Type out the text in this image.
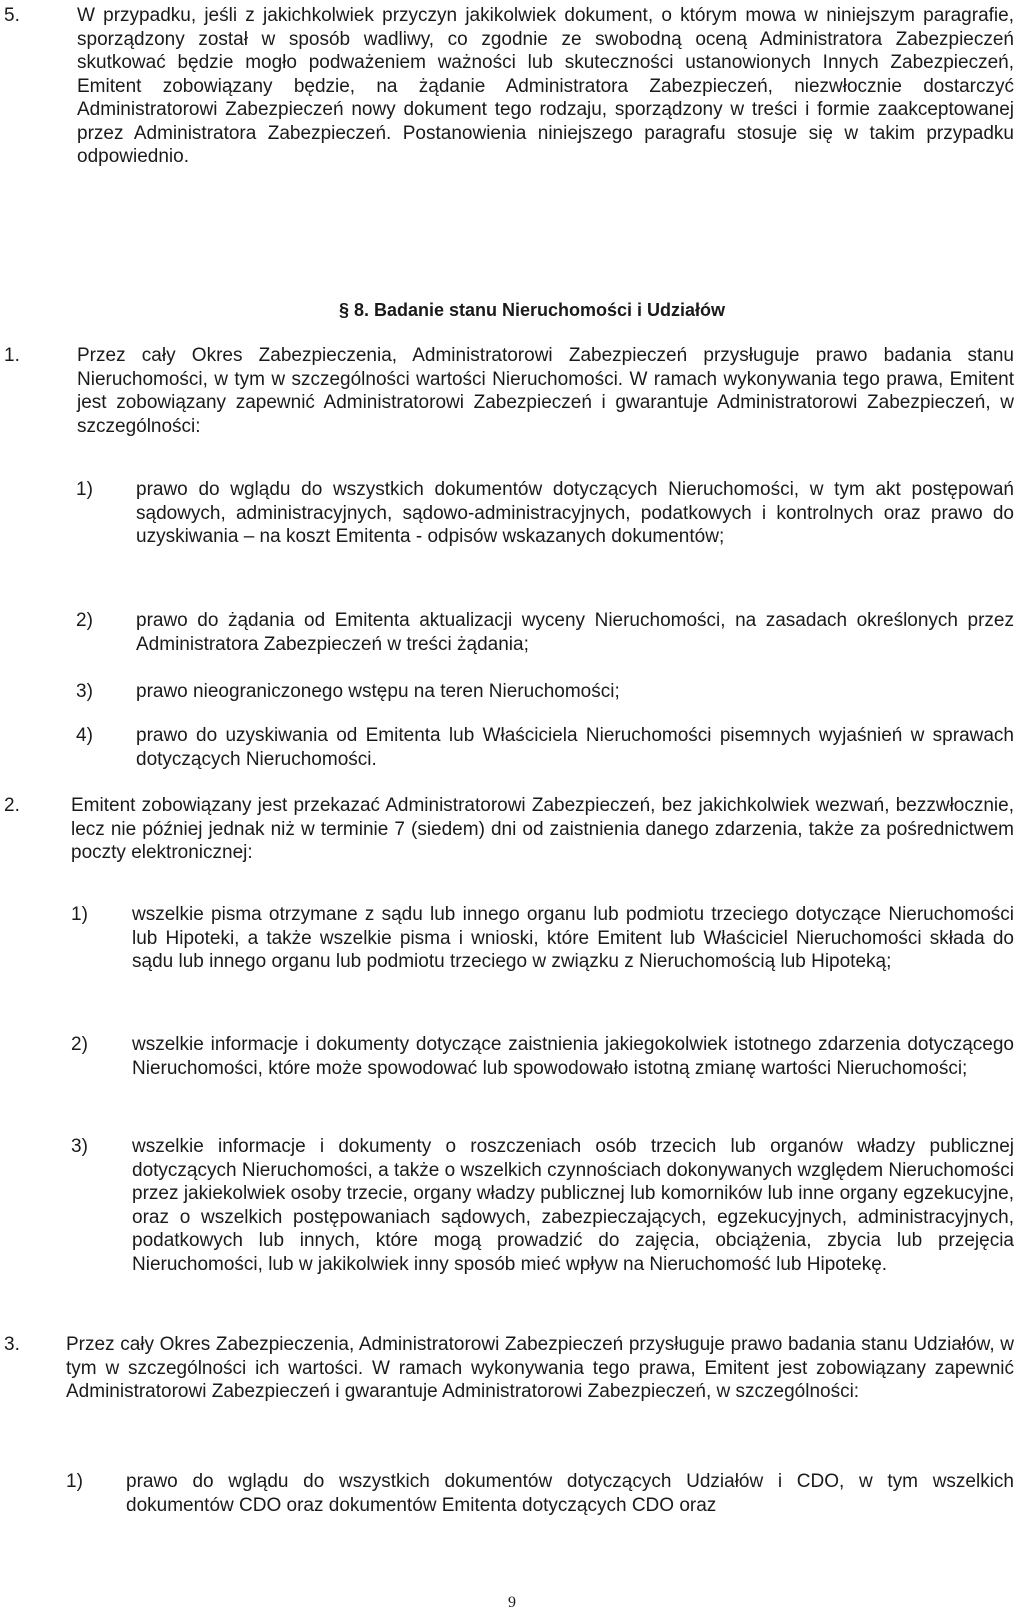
5.	W przypadku, jeśli z jakichkolwiek przyczyn jakikolwiek dokument, o którym mowa w niniejszym paragrafie, sporządzony został w sposób wadliwy, co zgodnie ze swobodną oceną Administratora Zabezpieczeń skutkować będzie mogło podważeniem ważności lub skuteczności ustanowionych Innych Zabezpieczeń, Emitent zobowiązany będzie, na żądanie Administratora Zabezpieczeń, niezwłocznie dostarczyć Administratorowi Zabezpieczeń nowy dokument tego rodzaju, sporządzony w treści i formie zaakceptowanej przez Administratora Zabezpieczeń. Postanowienia niniejszego paragrafu stosuje się w takim przypadku odpowiednio.
§ 8. Badanie stanu Nieruchomości i Udziałów
1.	Przez cały Okres Zabezpieczenia, Administratorowi Zabezpieczeń przysługuje prawo badania stanu Nieruchomości, w tym w szczególności wartości Nieruchomości. W ramach wykonywania tego prawa, Emitent jest zobowiązany zapewnić Administratorowi Zabezpieczeń i gwarantuje Administratorowi Zabezpieczeń, w szczególności:
1) prawo do wglądu do wszystkich dokumentów dotyczących Nieruchomości, w tym akt postępowań sądowych, administracyjnych, sądowo-administracyjnych, podatkowych i kontrolnych oraz prawo do uzyskiwania – na koszt Emitenta - odpisów wskazanych dokumentów;
2) prawo do żądania od Emitenta aktualizacji wyceny Nieruchomości, na zasadach określonych przez Administratora Zabezpieczeń w treści żądania;
3) prawo nieograniczonego wstępu na teren Nieruchomości;
4) prawo do uzyskiwania od Emitenta lub Właściciela Nieruchomości pisemnych wyjaśnień w sprawach dotyczących Nieruchomości.
2.	Emitent zobowiązany jest przekazać Administratorowi Zabezpieczeń, bez jakichkolwiek wezwań, bezzwłocznie, lecz nie później jednak niż w terminie 7 (siedem) dni od zaistnienia danego zdarzenia, także za pośrednictwem poczty elektronicznej:
1) wszelkie pisma otrzymane z sądu lub innego organu lub podmiotu trzeciego dotyczące Nieruchomości lub Hipoteki, a także wszelkie pisma i wnioski, które Emitent lub Właściciel Nieruchomości składa do sądu lub innego organu lub podmiotu trzeciego w związku z Nieruchomością lub Hipoteką;
2) wszelkie informacje i dokumenty dotyczące zaistnienia jakiegokolwiek istotnego zdarzenia dotyczącego Nieruchomości, które może spowodować lub spowodowało istotną zmianę wartości Nieruchomości;
3) wszelkie informacje i dokumenty o roszczeniach osób trzecich lub organów władzy publicznej dotyczących Nieruchomości, a także o wszelkich czynnościach dokonywanych względem Nieruchomości przez jakiekolwiek osoby trzecie, organy władzy publicznej lub komorników lub inne organy egzekucyjne, oraz o wszelkich postępowaniach sądowych, zabezpieczających, egzekucyjnych, administracyjnych, podatkowych lub innych, które mogą prowadzić do zajęcia, obciążenia, zbycia lub przejęcia Nieruchomości, lub w jakikolwiek inny sposób mieć wpływ na Nieruchomość lub Hipotekę.
3. Przez cały Okres Zabezpieczenia, Administratorowi Zabezpieczeń przysługuje prawo badania stanu Udziałów, w tym w szczególności ich wartości. W ramach wykonywania tego prawa, Emitent jest zobowiązany zapewnić Administratorowi Zabezpieczeń i gwarantuje Administratorowi Zabezpieczeń, w szczególności:
1) prawo do wglądu do wszystkich dokumentów dotyczących Udziałów i CDO, w tym wszelkich dokumentów CDO oraz dokumentów Emitenta dotyczących CDO oraz
9
